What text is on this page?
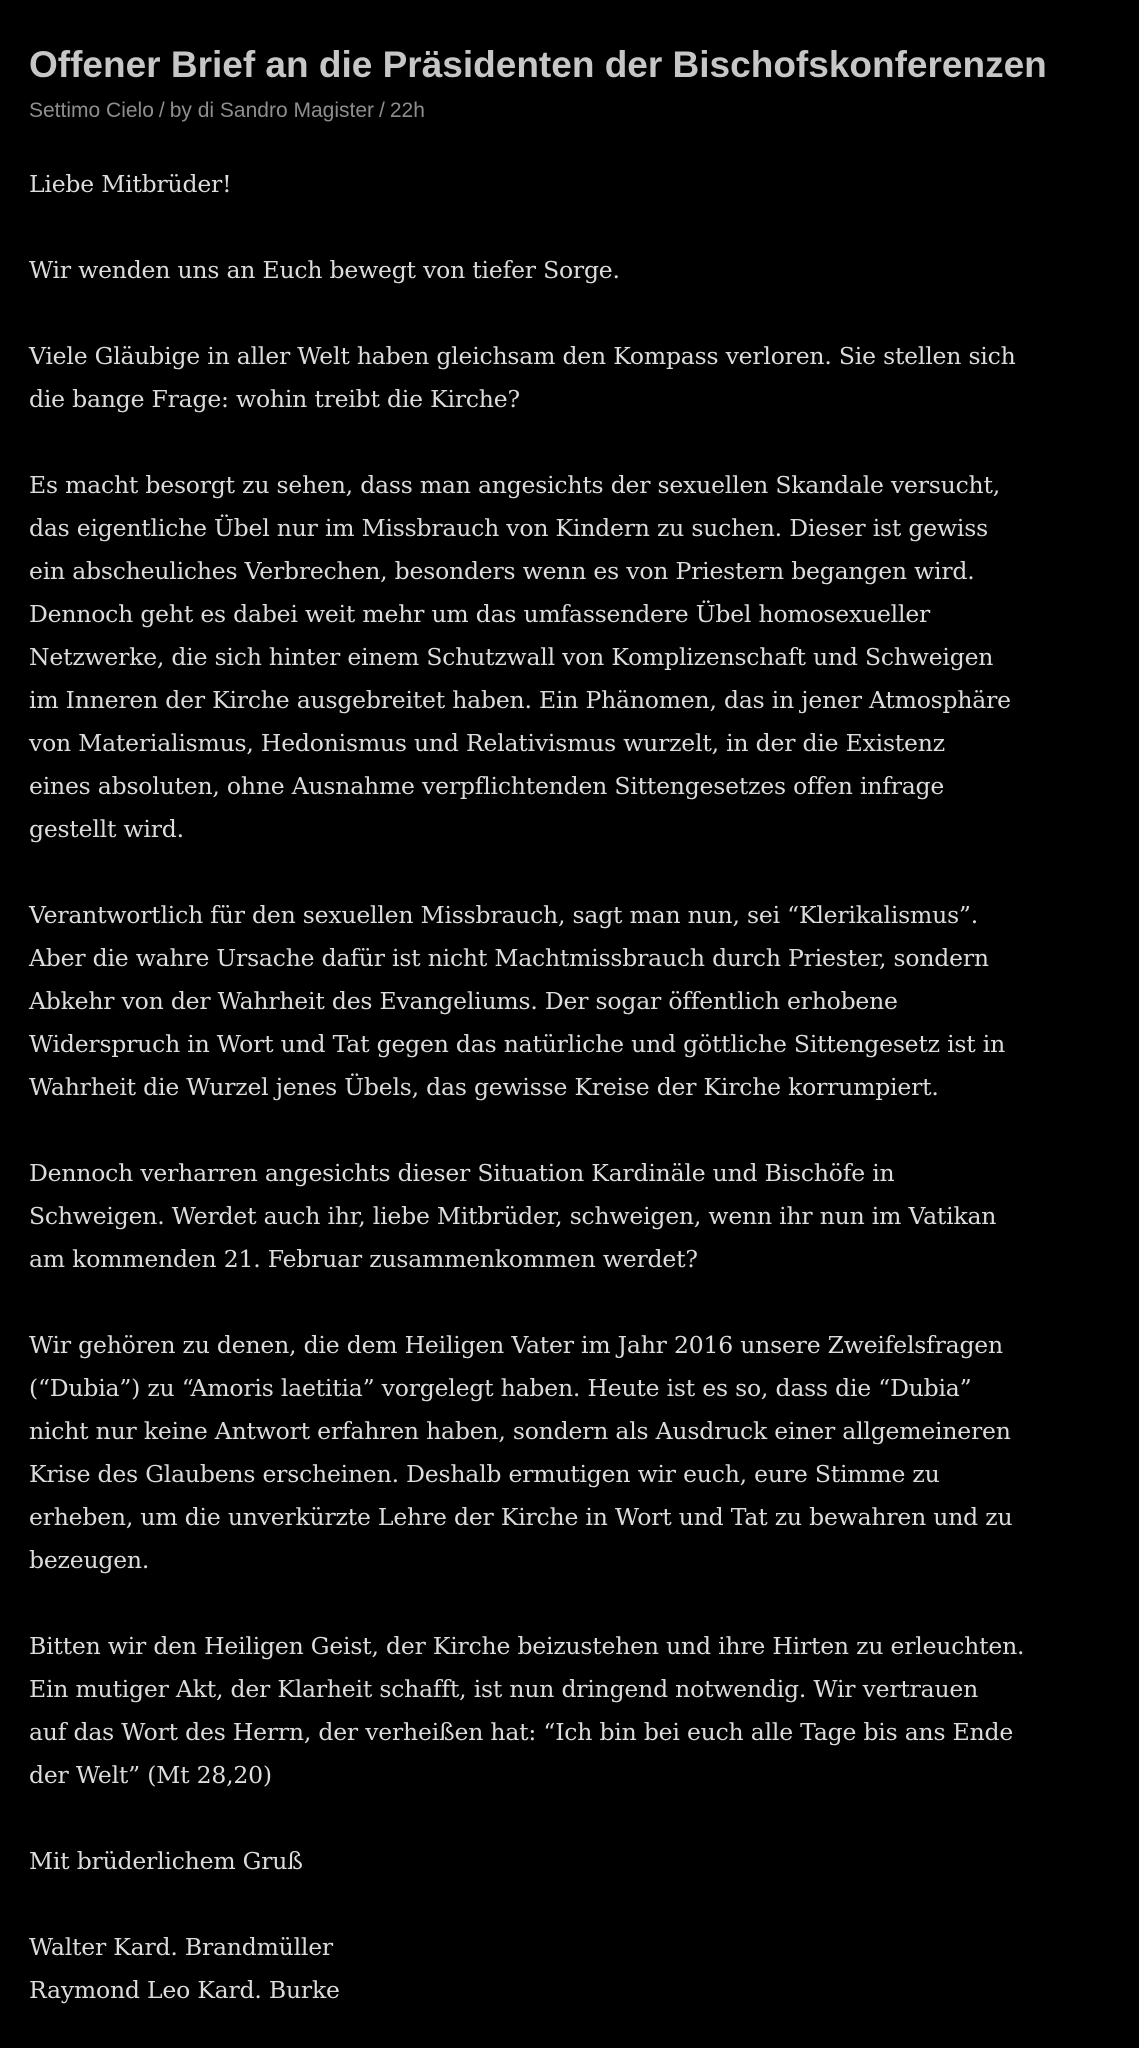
Offener Brief an die Präsidenten der Bischofskonferenzen
Settimo Cielo / by di Sandro Magister / 22h

Liebe Mitbrüder!

Wir wenden uns an Euch bewegt von tiefer Sorge.

Viele Gläubige in aller Welt haben gleichsam den Kompass verloren. Sie stellen sich
die bange Frage: wohin treibt die Kirche?

Es macht besorgt zu sehen, dass man angesichts der sexuellen Skandale versucht,
das eigentliche Übel nur im Missbrauch von Kindern zu suchen. Dieser ist gewiss
ein abscheuliches Verbrechen, besonders wenn es von Priestern begangen wird.
Dennoch geht es dabei weit mehr um das umfassendere Übel homosexueller
Netzwerke, die sich hinter einem Schutzwall von Komplizenschaft und Schweigen
im Inneren der Kirche ausgebreitet haben. Ein Phänomen, das in jener Atmosphäre
von Materialismus, Hedonismus und Relativismus wurzelt, in der die Existenz
eines absoluten, ohne Ausnahme verpflichtenden Sittengesetzes offen infrage
gestellt wird.

Verantwortlich für den sexuellen Missbrauch, sagt man nun, sei “Klerikalismus”.
Aber die wahre Ursache dafür ist nicht Machtmissbrauch durch Priester, sondern
Abkehr von der Wahrheit des Evangeliums. Der sogar öffentlich erhobene
Widerspruch in Wort und Tat gegen das natürliche und göttliche Sittengesetz ist in
Wahrheit die Wurzel jenes Übels, das gewisse Kreise der Kirche korrumpiert.

Dennoch verharren angesichts dieser Situation Kardinäle und Bischöfe in
Schweigen. Werdet auch ihr, liebe Mitbrüder, schweigen, wenn ihr nun im Vatikan
am kommenden 21. Februar zusammenkommen werdet?

Wir gehören zu denen, die dem Heiligen Vater im Jahr 2016 unsere Zweifelsfragen
(“Dubia”) zu “Amoris laetitia” vorgelegt haben. Heute ist es so, dass die “Dubia”
nicht nur keine Antwort erfahren haben, sondern als Ausdruck einer allgemeineren
Krise des Glaubens erscheinen. Deshalb ermutigen wir euch, eure Stimme zu
erheben, um die unverkürzte Lehre der Kirche in Wort und Tat zu bewahren und zu
bezeugen.

Bitten wir den Heiligen Geist, der Kirche beizustehen und ihre Hirten zu erleuchten.
Ein mutiger Akt, der Klarheit schafft, ist nun dringend notwendig. Wir vertrauen
auf das Wort des Herrn, der verheißen hat: “Ich bin bei euch alle Tage bis ans Ende
der Welt” (Mt 28,20)

Mit brüderlichem Gruß

Walter Kard. Brandmüller

Raymond Leo Kard. Burke
